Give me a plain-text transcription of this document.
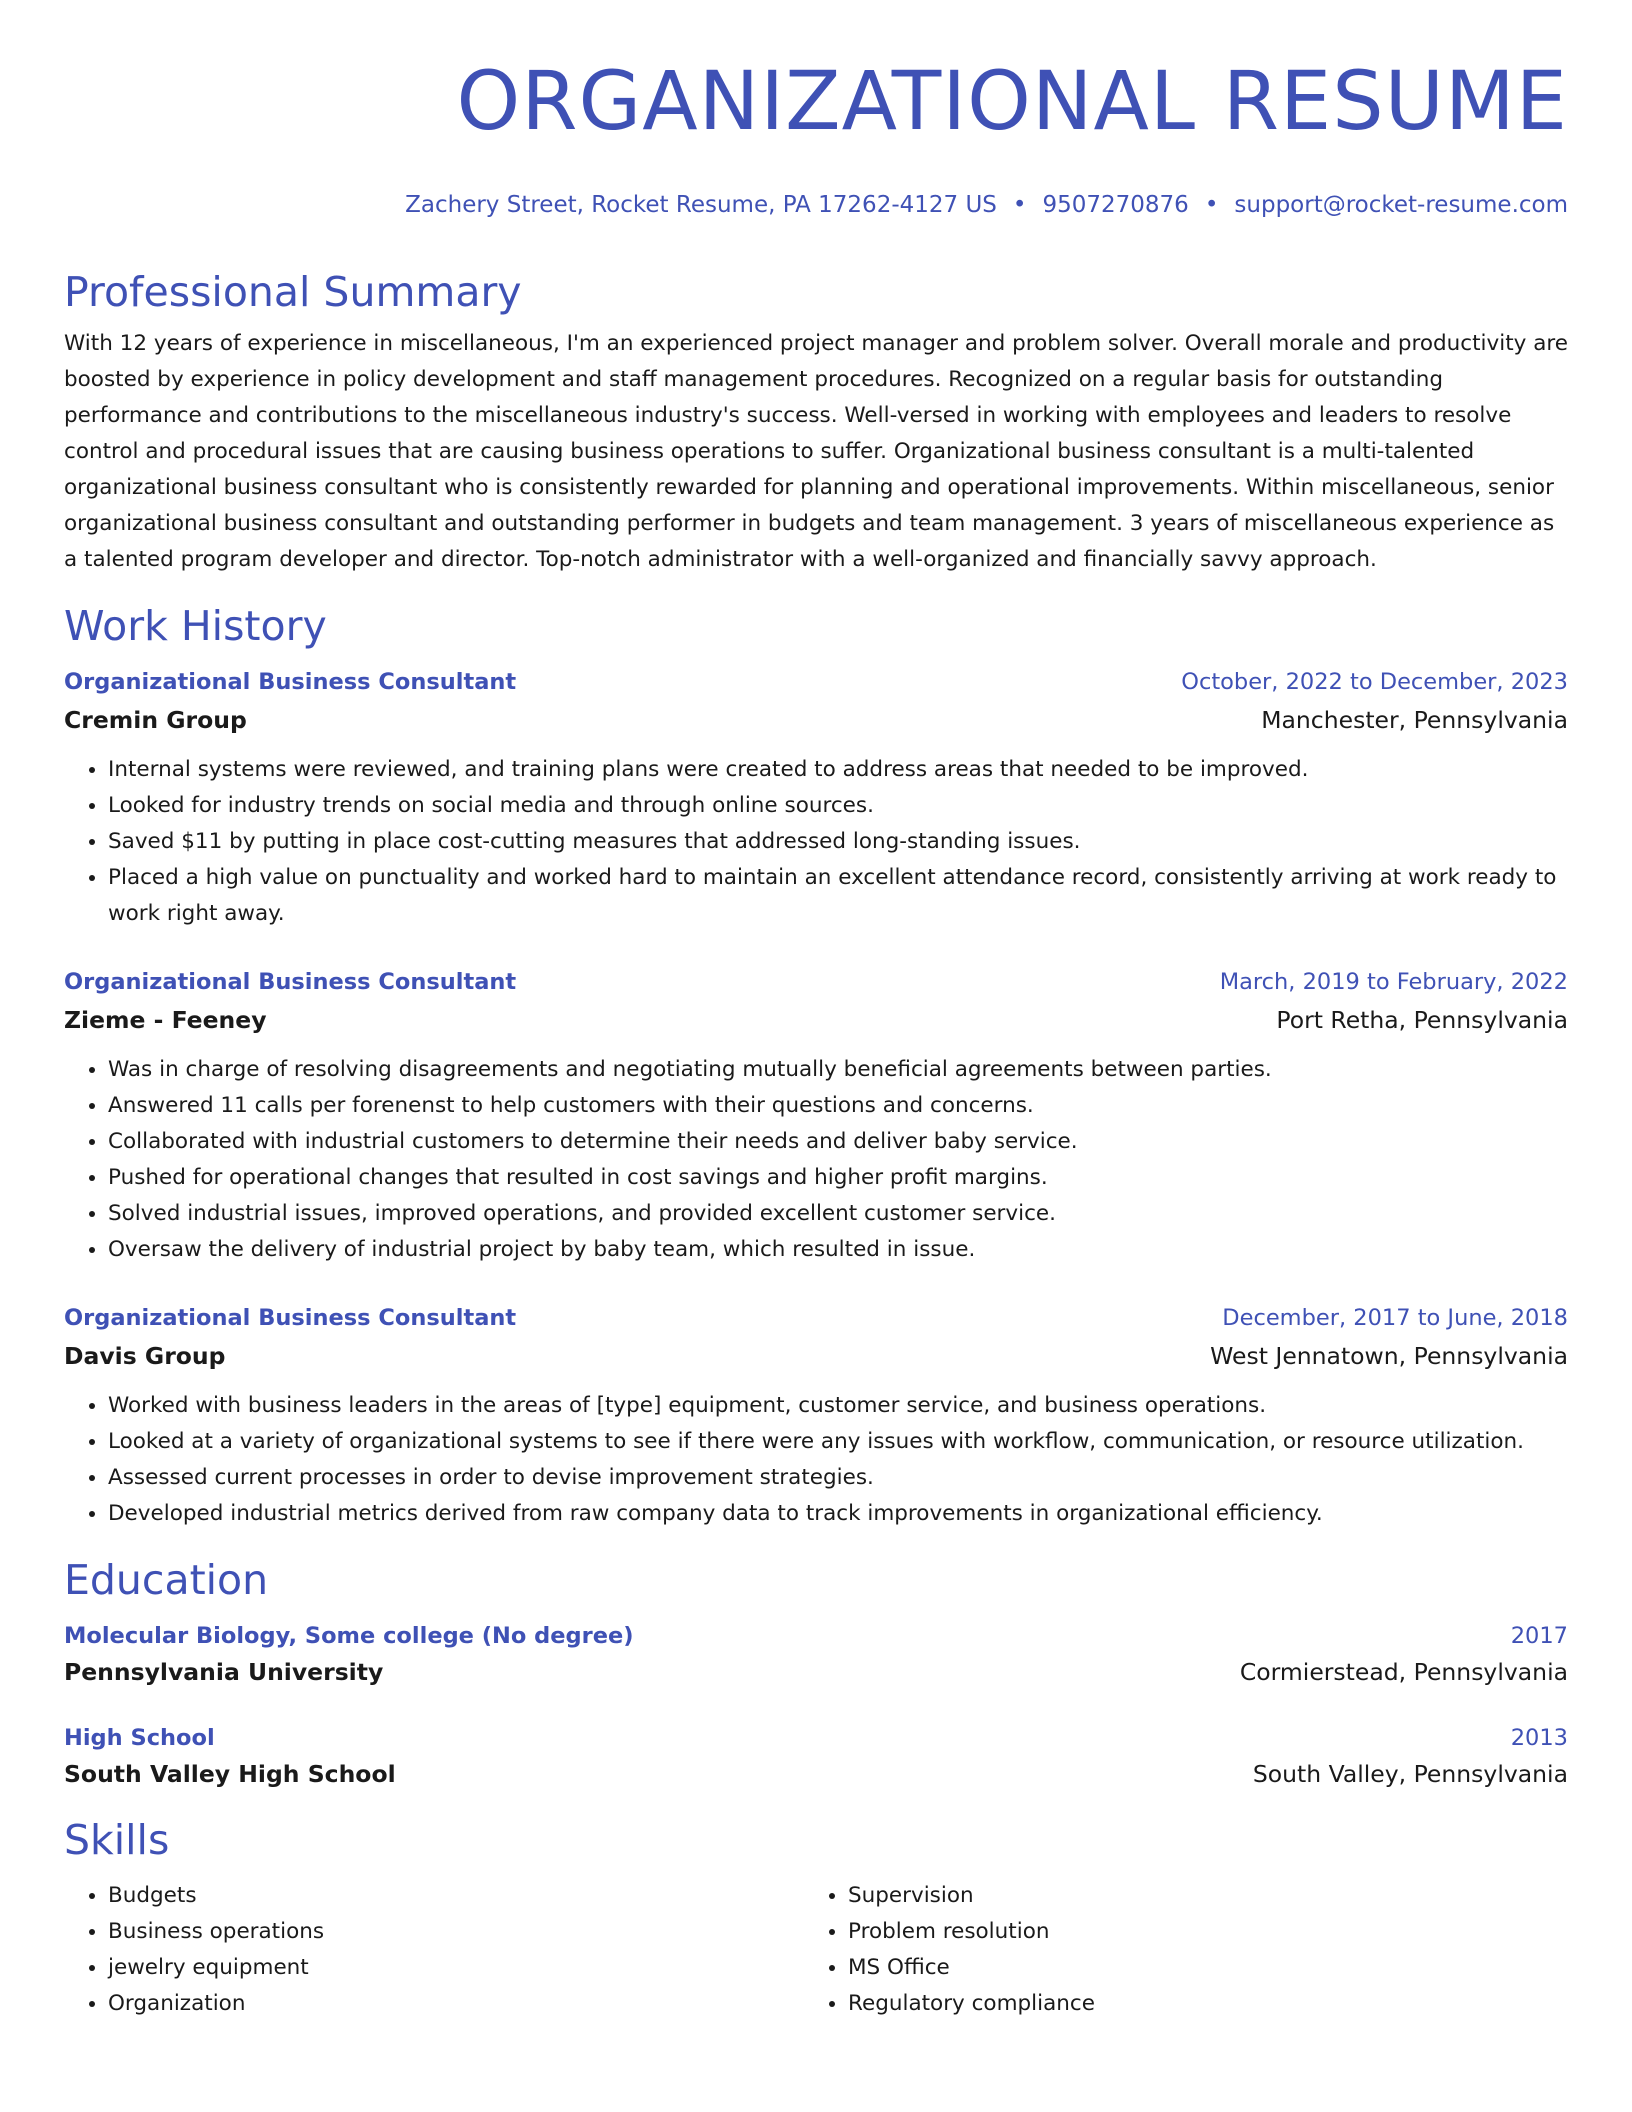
ORGANIZATIONAL RESUME
Zachery Street, Rocket Resume, PA 17262-4127 US • 9507270876 • support@rocket-resume.com
Professional Summary

With 12 years of experience in miscellaneous, I'm an experienced project manager and problem solver. Overall morale and productivity are boosted by experience in policy development and staff management procedures. Recognized on a regular basis for outstanding performance and contributions to the miscellaneous industry's success. Well-versed in working with employees and leaders to resolve control and procedural issues that are causing business operations to suffer. Organizational business consultant is a multi-talented organizational business consultant who is consistently rewarded for planning and operational improvements. Within miscellaneous, senior organizational business consultant and outstanding performer in budgets and team management. 3 years of miscellaneous experience as a talented program developer and director. Top-notch administrator with a well-organized and financially savvy approach.

Work History
Organizational Business Consultant	October, 2022 to December, 2023
Cremin Group	Manchester, Pennsylvania
• Internal systems were reviewed, and training plans were created to address areas that needed to be improved.
• Looked for industry trends on social media and through online sources.
• Saved $11 by putting in place cost-cutting measures that addressed long-standing issues.
• Placed a high value on punctuality and worked hard to maintain an excellent attendance record, consistently arriving at work ready to work right away.
Organizational Business Consultant	March, 2019 to February, 2022
Zieme - Feeney	Port Retha, Pennsylvania
• Was in charge of resolving disagreements and negotiating mutually beneficial agreements between parties.
• Answered 11 calls per forenenst to help customers with their questions and concerns.
• Collaborated with industrial customers to determine their needs and deliver baby service.
• Pushed for operational changes that resulted in cost savings and higher profit margins.
• Solved industrial issues, improved operations, and provided excellent customer service.
• Oversaw the delivery of industrial project by baby team, which resulted in issue.
Organizational Business Consultant	December, 2017 to June, 2018
Davis Group	West Jennatown, Pennsylvania
• Worked with business leaders in the areas of [type] equipment, customer service, and business operations.
• Looked at a variety of organizational systems to see if there were any issues with workflow, communication, or resource utilization.
• Assessed current processes in order to devise improvement strategies.
• Developed industrial metrics derived from raw company data to track improvements in organizational efficiency.
Education
Molecular Biology, Some college (No degree)	2017
Pennsylvania University	Cormierstead, Pennsylvania
High School	2013
South Valley High School	South Valley, Pennsylvania
Skills
• Budgets
• Business operations
• jewelry equipment
• Organization
• Supervision
• Problem resolution
• MS Office
• Regulatory compliance
